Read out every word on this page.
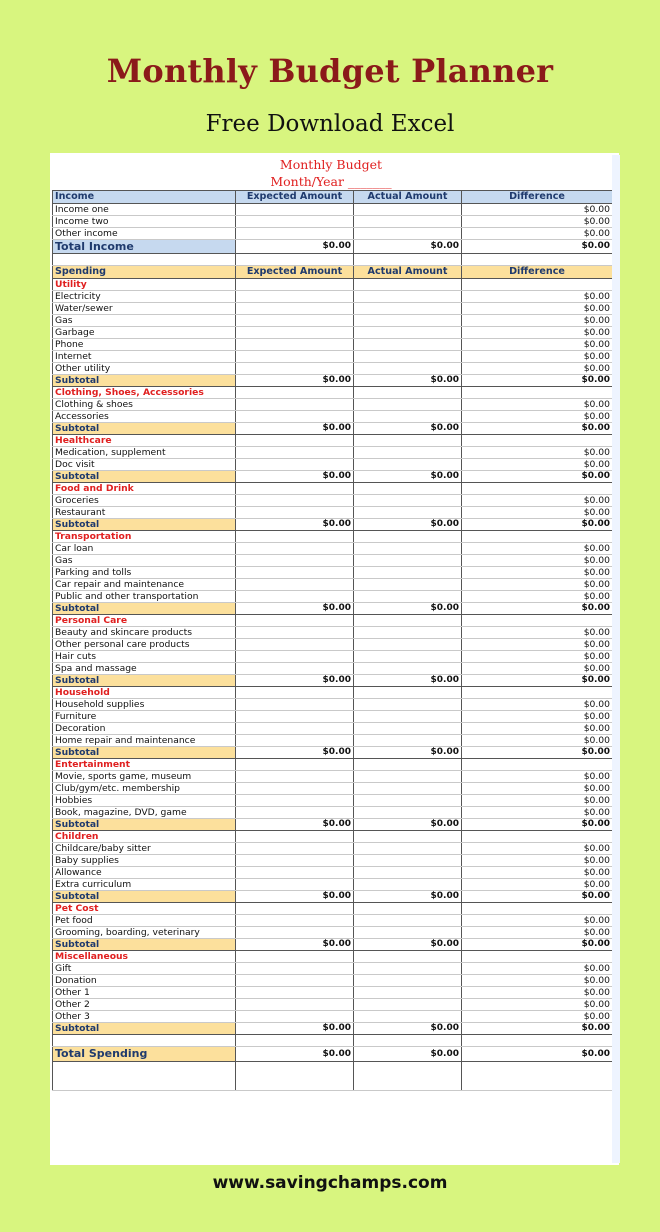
Monthly Budget Planner
Free Download Excel
Monthly Budget
Month/Year _______
Income	Expected Amount	Actual Amount	Difference
Income one			$0.00
Income two			$0.00
Other income			$0.00
Total Income	$0.00	$0.00	$0.00

Spending	Expected Amount	Actual Amount	Difference
Utility			
Electricity			$0.00
Water/sewer			$0.00
Gas			$0.00
Garbage			$0.00
Phone			$0.00
Internet			$0.00
Other utility			$0.00
Subtotal	$0.00	$0.00	$0.00
Clothing, Shoes, Accessories			
Clothing & shoes			$0.00
Accessories			$0.00
Subtotal	$0.00	$0.00	$0.00
Healthcare			
Medication, supplement			$0.00
Doc visit			$0.00
Subtotal	$0.00	$0.00	$0.00
Food and Drink			
Groceries			$0.00
Restaurant			$0.00
Subtotal	$0.00	$0.00	$0.00
Transportation			
Car loan			$0.00
Gas			$0.00
Parking and tolls			$0.00
Car repair and maintenance			$0.00
Public and other transportation			$0.00
Subtotal	$0.00	$0.00	$0.00
Personal Care			
Beauty and skincare products			$0.00
Other personal care products			$0.00
Hair cuts			$0.00
Spa and massage			$0.00
Subtotal	$0.00	$0.00	$0.00
Household			
Household supplies			$0.00
Furniture			$0.00
Decoration			$0.00
Home repair and maintenance			$0.00
Subtotal	$0.00	$0.00	$0.00
Entertainment			
Movie, sports game, museum			$0.00
Club/gym/etc. membership			$0.00
Hobbies			$0.00
Book, magazine, DVD, game			$0.00
Subtotal	$0.00	$0.00	$0.00
Children			
Childcare/baby sitter			$0.00
Baby supplies			$0.00
Allowance			$0.00
Extra curriculum			$0.00
Subtotal	$0.00	$0.00	$0.00
Pet Cost			
Pet food			$0.00
Grooming, boarding, veterinary			$0.00
Subtotal	$0.00	$0.00	$0.00
Miscellaneous			
Gift			$0.00
Donation			$0.00
Other 1			$0.00
Other 2			$0.00
Other 3			$0.00
Subtotal	$0.00	$0.00	$0.00

Total Spending	$0.00	$0.00	$0.00

www.savingchamps.com
